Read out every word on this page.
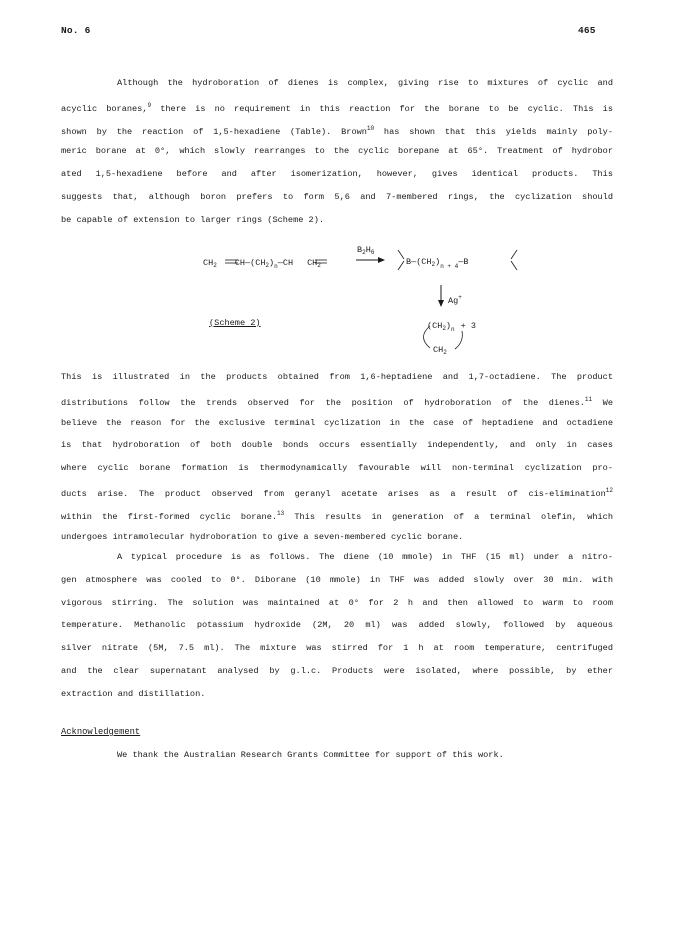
No. 6	465
Although the hydroboration of dienes is complex, giving rise to mixtures of cyclic and
acyclic boranes,$^9$ there is no requirement in this reaction for the borane to be cyclic. This is
shown by the reaction of 1,5-hexadiene (Table). Brown$^{10}$ has shown that this yields mainly poly-
meric borane at 0°, which slowly rearranges to the cyclic borepane at 65°. Treatment of hydrobor
ated 1,5-hexadiene before and after isomerization, however, gives identical products. This
suggests that, although boron prefers to form 5,6 and 7-membered rings, the cyclization should
be capable of extension to larger rings (Scheme 2).
$CH_2$ $CH—(CH_2)_n—CH$ $CH_2$
$B_2H_6$
$B—(CH_2)_{n + 4}—B$
Ag+
$(CH_2)_n + 3$
$CH_2$
(Scheme 2)
This is illustrated in the products obtained from 1,6-heptadiene and 1,7-octadiene. The product
distributions follow the trends observed for the position of hydroboration of the dienes.$^{11}$ We
believe the reason for the exclusive terminal cyclization in the case of heptadiene and octadiene
is that hydroboration of both double bonds occurs essentially independently, and only in cases
where cyclic borane formation is thermodynamically favourable will non-terminal cyclization pro-
ducts arise. The product observed from geranyl acetate arises as a result of cis-elimination$^{12}$
within the first-formed cyclic borane.$^{13}$ This results in generation of a terminal olefin, which
undergoes intramolecular hydroboration to give a seven-membered cyclic borane.
A typical procedure is as follows. The diene (10 mmole) in THF (15 ml) under a nitro-
gen atmosphere was cooled to 0°. Diborane (10 mmole) in THF was added slowly over 30 min. with
vigorous stirring. The solution was maintained at 0° for 2 h and then allowed to warm to room
temperature. Methanolic potassium hydroxide (2M, 20 ml) was added slowly, followed by aqueous
silver nitrate (5M, 7.5 ml). The mixture was stirred for 1 h at room temperature, centrifuged
and the clear supernatant analysed by g.l.c. Products were isolated, where possible, by ether
extraction and distillation.
Acknowledgement
We thank the Australian Research Grants Committee for support of this work.
